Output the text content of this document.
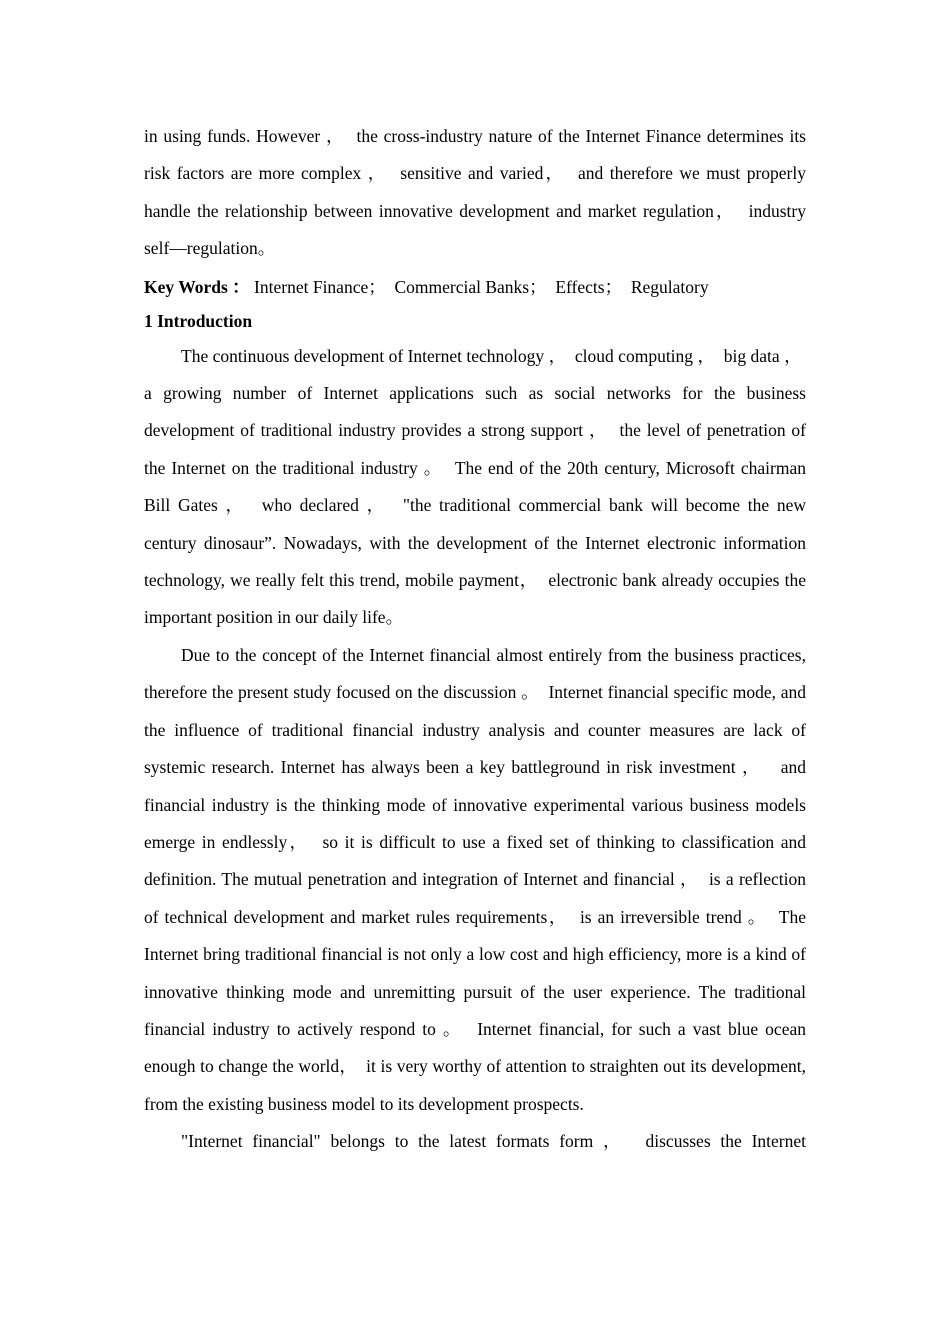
in using funds. However ，  the cross-industry nature of the Internet Finance determines its risk factors are more complex ，  sensitive and varied，  and therefore we must properly handle the relationship between innovative development and market regulation，  industry self—regulation。

Key Words ： Internet Finance；  Commercial Banks；  Effects；  Regulatory

1 Introduction

The continuous development of Internet technology ，  cloud computing ，  big data ，  a growing number of Internet applications such as social networks for the business development of traditional industry provides a strong support ，  the level of penetration of the Internet on the traditional industry 。  The end of the 20th century, Microsoft chairman Bill Gates ，  who declared ，  "the traditional commercial bank will become the new century dinosaur”. Nowadays, with the development of the Internet electronic information technology, we really felt this trend, mobile payment，  electronic bank already occupies the important position in our daily life。

Due to the concept of the Internet financial almost entirely from the business practices, therefore the present study focused on the discussion 。  Internet financial specific mode, and the influence of traditional financial industry analysis and counter measures are lack of systemic research. Internet has always been a key battleground in risk investment ，   and financial industry is the thinking mode of innovative experimental various business models emerge in endlessly，  so it is difficult to use a fixed set of thinking to classification and definition. The mutual penetration and integration of Internet and financial ，  is a reflection of technical development and market rules requirements，  is an irreversible trend 。  The Internet bring traditional financial is not only a low cost and high efficiency, more is a kind of innovative thinking mode and unremitting pursuit of the user experience. The traditional financial industry to actively respond to 。  Internet financial, for such a vast blue ocean enough to change the world，  it is very worthy of attention to straighten out its development, from the existing business model to its development prospects.

"Internet financial" belongs to the latest formats form ，  discusses the Internet
